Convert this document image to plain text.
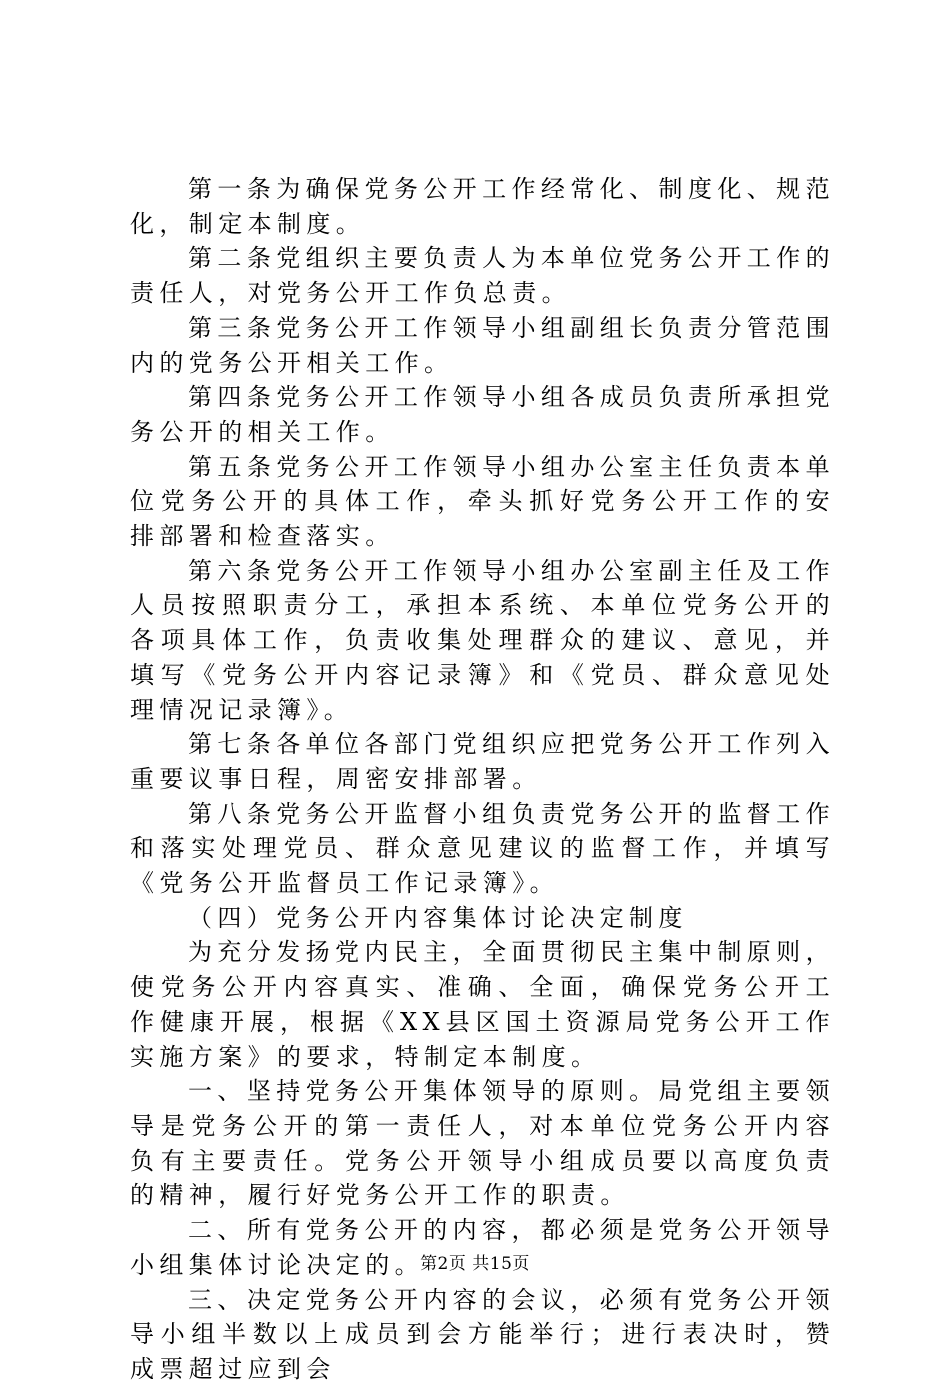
第一条为确保党务公开工作经常化、制度化、规范化，制定本制度。

第二条党组织主要负责人为本单位党务公开工作的责任人，对党务公开工作负总责。

第三条党务公开工作领导小组副组长负责分管范围内的党务公开相关工作。

第四条党务公开工作领导小组各成员负责所承担党务公开的相关工作。

第五条党务公开工作领导小组办公室主任负责本单位党务公开的具体工作，牵头抓好党务公开工作的安排部署和检查落实。

第六条党务公开工作领导小组办公室副主任及工作人员按照职责分工，承担本系统、本单位党务公开的各项具体工作，负责收集处理群众的建议、意见，并填写《党务公开内容记录簿》和《党员、群众意见处理情况记录簿》。

第七条各单位各部门党组织应把党务公开工作列入重要议事日程，周密安排部署。

第八条党务公开监督小组负责党务公开的监督工作和落实处理党员、群众意见建议的监督工作，并填写《党务公开监督员工作记录簿》。

（四）党务公开内容集体讨论决定制度

为充分发扬党内民主，全面贯彻民主集中制原则，使党务公开内容真实、准确、全面，确保党务公开工作健康开展，根据《XX县区国土资源局党务公开工作实施方案》的要求，特制定本制度。

一、坚持党务公开集体领导的原则。局党组主要领导是党务公开的第一责任人，对本单位党务公开内容负有主要责任。党务公开领导小组成员要以高度负责的精神，履行好党务公开工作的职责。

二、所有党务公开的内容，都必须是党务公开领导小组集体讨论决定的。

三、决定党务公开内容的会议，必须有党务公开领导小组半数以上成员到会方能举行；进行表决时，赞成票超过应到会

第2页 共15页
